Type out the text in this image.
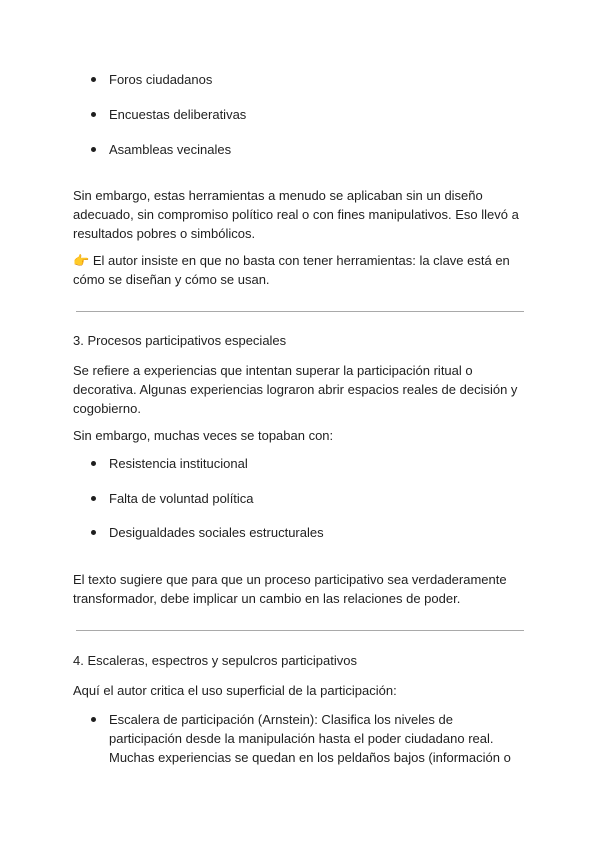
Foros ciudadanos
Encuestas deliberativas
Asambleas vecinales

Sin embargo, estas herramientas a menudo se aplicaban sin un diseño adecuado, sin compromiso político real o con fines manipulativos. Eso llevó a resultados pobres o simbólicos.

👉 El autor insiste en que no basta con tener herramientas: la clave está en cómo se diseñan y cómo se usan.

3. Procesos participativos especiales

Se refiere a experiencias que intentan superar la participación ritual o decorativa. Algunas experiencias lograron abrir espacios reales de decisión y cogobierno.

Sin embargo, muchas veces se topaban con:

Resistencia institucional
Falta de voluntad política
Desigualdades sociales estructurales

El texto sugiere que para que un proceso participativo sea verdaderamente transformador, debe implicar un cambio en las relaciones de poder.

4. Escaleras, espectros y sepulcros participativos

Aquí el autor critica el uso superficial de la participación:

Escalera de participación (Arnstein): Clasifica los niveles de participación desde la manipulación hasta el poder ciudadano real. Muchas experiencias se quedan en los peldaños bajos (información o
